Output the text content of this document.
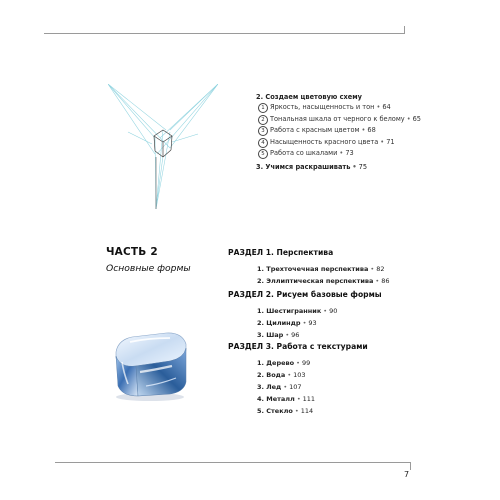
2. Создаем цветовую схему
1 Яркость, насыщенность и тон • 64
2 Тональная шкала от черного к белому • 65
3 Работа с красным цветом • 68
4 Насыщенность красного цвета • 71
5 Работа со шкалами • 73
3. Учимся раскрашивать • 75
ЧАСТЬ 2
Основные формы
РАЗДЕЛ 1. Перспектива
1. Трехточечная перспектива • 82
2. Эллиптическая перспектива • 86
РАЗДЕЛ 2. Рисуем базовые формы
1. Шестигранник • 90
2. Цилиндр • 93
3. Шар • 96
РАЗДЕЛ 3. Работа с текстурами
1. Дерево • 99
2. Вода • 103
3. Лед • 107
4. Металл • 111
5. Стекло • 114
7
